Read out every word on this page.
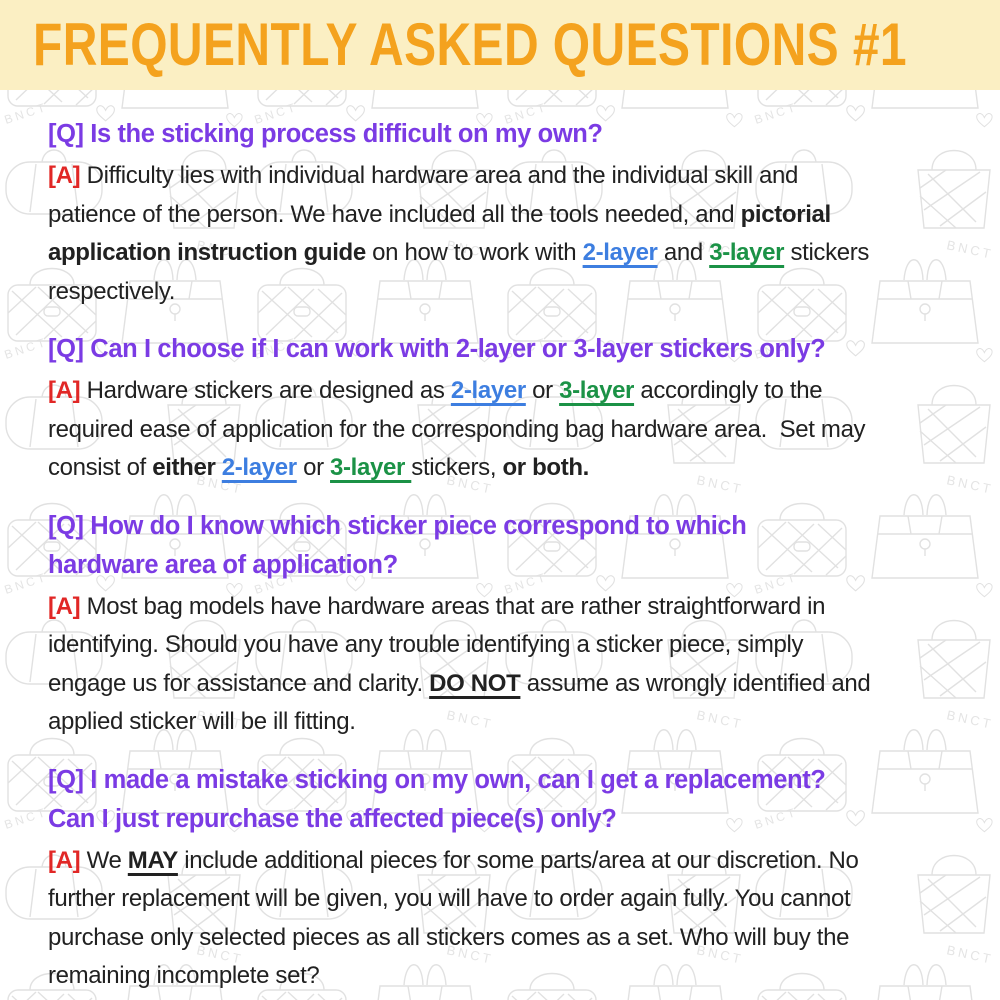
FREQUENTLY ASKED QUESTIONS #1
[Q] Is the sticking process difficult on my own?

[A] Difficulty lies with individual hardware area and the individual skill and
patience of the person. We have included all the tools needed, and pictorial
application instruction guide on how to work with 2-layer and 3-layer stickers
respectively.

[Q] Can I choose if I can work with 2-layer or 3-layer stickers only?

[A] Hardware stickers are designed as 2-layer or 3-layer accordingly to the
required ease of application for the corresponding bag hardware area.  Set may
consist of either 2-layer or 3-layer stickers, or both.

[Q] How do I know which sticker piece correspond to which
hardware area of application?

[A] Most bag models have hardware areas that are rather straightforward in
identifying. Should you have any trouble identifying a sticker piece, simply
engage us for assistance and clarity. DO NOT assume as wrongly identified and
applied sticker will be ill fitting.

[Q] I made a mistake sticking on my own, can I get a replacement?
Can I just repurchase the affected piece(s) only?

[A] We MAY include additional pieces for some parts/area at our discretion. No
further replacement will be given, you will have to order again fully. You cannot
purchase only selected pieces as all stickers comes as a set. Who will buy the
remaining incomplete set?
